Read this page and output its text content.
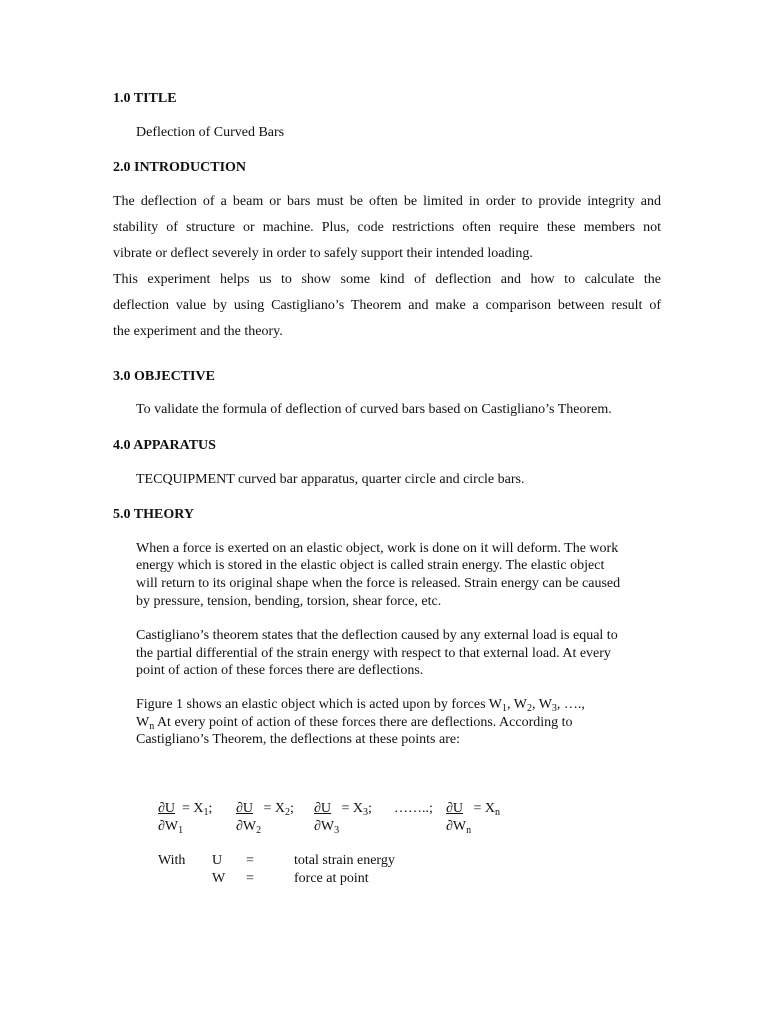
1.0 TITLE
Deflection of Curved Bars
2.0 INTRODUCTION
The deflection of a beam or bars must be often be limited in order to provide integrity and
stability of structure or machine. Plus, code restrictions often require these members not
vibrate or deflect severely in order to safely support their intended loading.
This experiment helps us to show some kind of deflection and how to calculate the
deflection value by using Castigliano’s Theorem and make a comparison between result of
the experiment and the theory.
3.0 OBJECTIVE
To validate the formula of deflection of curved bars based on Castigliano’s Theorem.
4.0 APPARATUS
TECQUIPMENT curved bar apparatus, quarter circle and circle bars.
5.0 THEORY
When a force is exerted on an elastic object, work is done on it will deform. The work
energy which is stored in the elastic object is called strain energy. The elastic object
will return to its original shape when the force is released. Strain energy can be caused
by pressure, tension, bending, torsion, shear force, etc.
Castigliano’s theorem states that the deflection caused by any external load is equal to
the partial differential of the strain energy with respect to that external load. At every
point of action of these forces there are deflections.
Figure 1 shows an elastic object which is acted upon by forces $W_1$, $W_2$, $W_3$, ….,
$W_n$ At every point of action of these forces there are deflections. According to
Castigliano’s Theorem, the deflections at these points are:
$\partial U = X_1$; $\partial U = X_2$; $\partial U = X_3$; ……..; $\partial U = X_n$
$\partial W_1$	$\partial W_2$	$\partial W_3$	$\partial W_n$
With U =	total strain energy
W =	force at point
